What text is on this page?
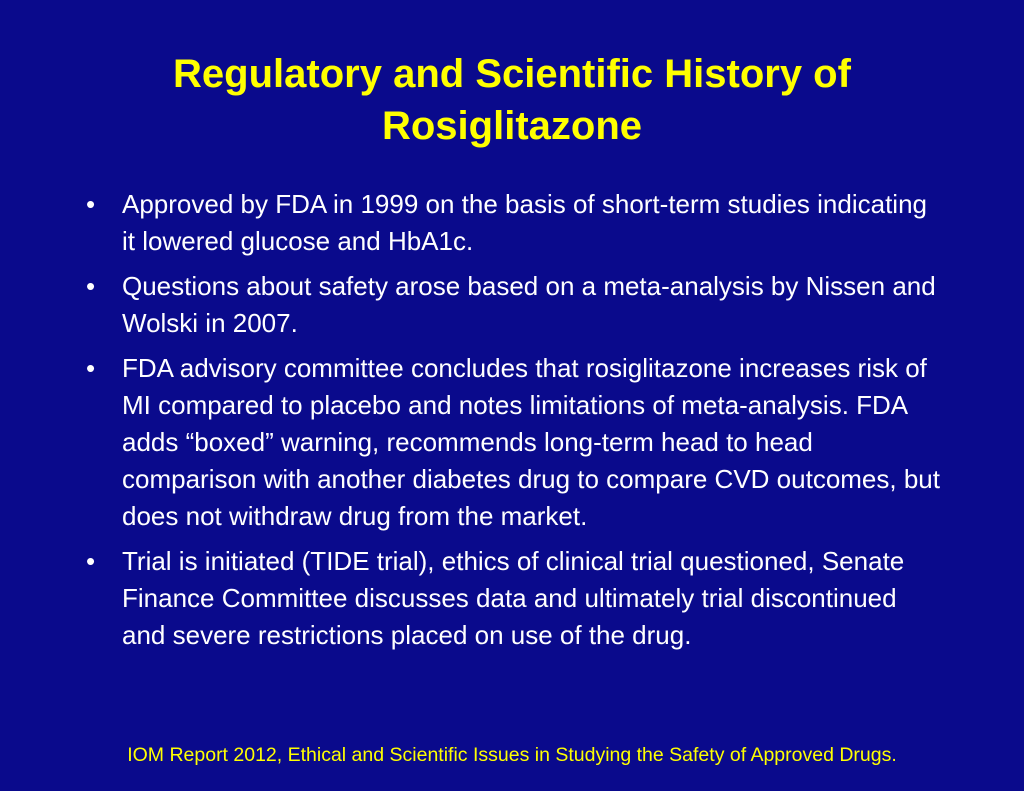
Regulatory and Scientific History of
Rosiglitazone
•	Approved by FDA in 1999 on the basis of short-term studies indicating it lowered glucose and HbA1c.
•	Questions about safety arose based on a meta-analysis by Nissen and Wolski in 2007.
•	FDA advisory committee concludes that rosiglitazone increases risk of MI compared to placebo and notes limitations of meta-analysis. FDA adds “boxed” warning, recommends long-term head to head comparison with another diabetes drug to compare CVD outcomes, but does not withdraw drug from the market.
•	Trial is initiated (TIDE trial), ethics of clinical trial questioned, Senate Finance Committee discusses data and ultimately trial discontinued and severe restrictions placed on use of the drug.

IOM Report 2012, Ethical and Scientific Issues in Studying the Safety of Approved Drugs.
